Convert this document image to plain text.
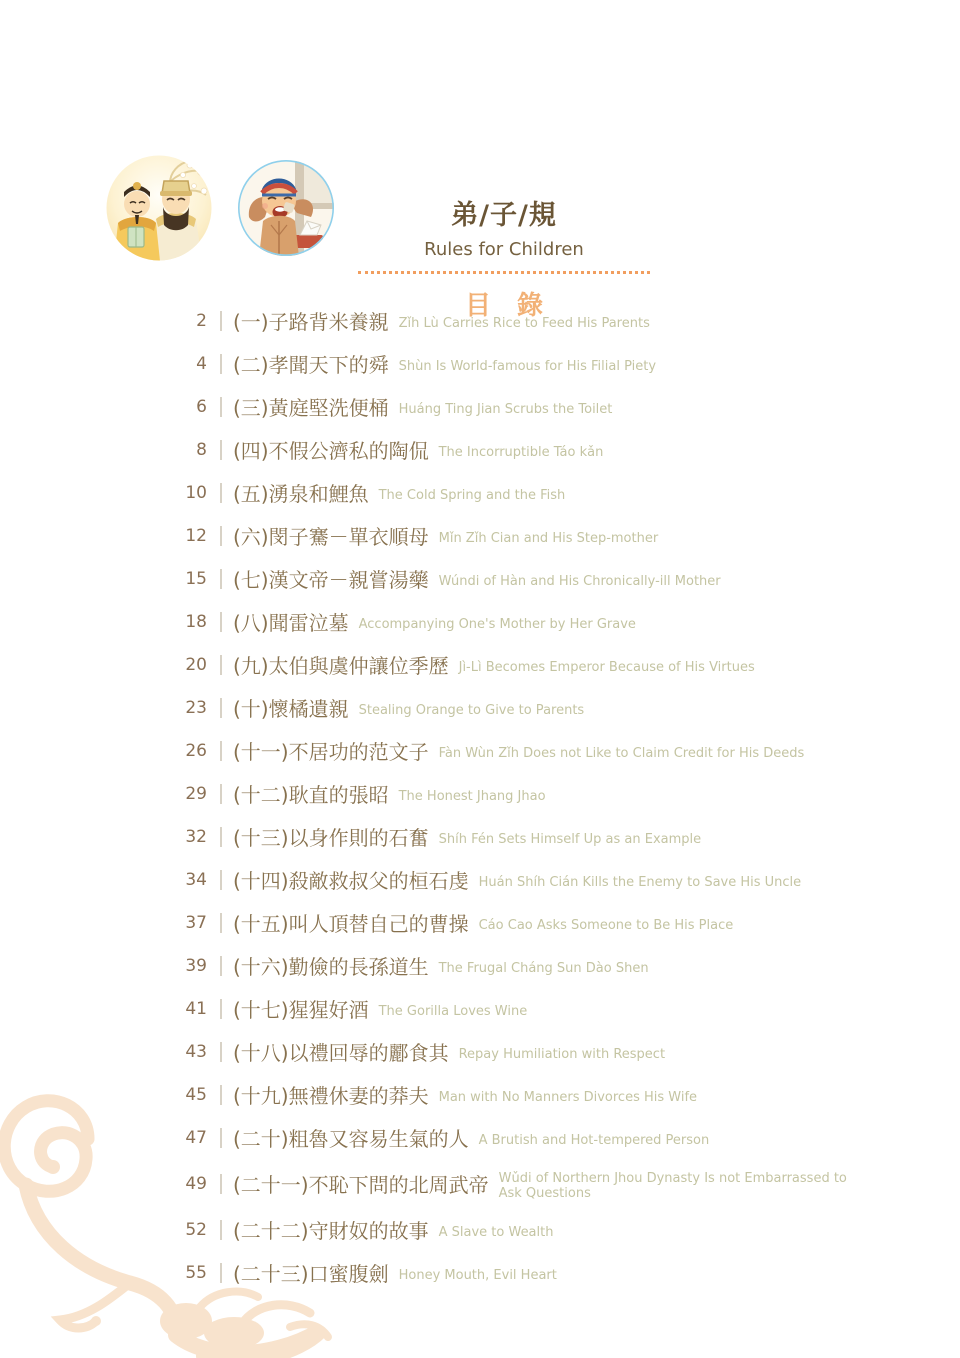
弟/子/規
Rules for Children
目　錄
2 (一)子路背米養親 Zǐh Lù Carries Rice to Feed His Parents
4 (二)孝聞天下的舜 Shùn Is World-famous for His Filial Piety
6 (三)黃庭堅洗便桶 Huáng Ting Jian Scrubs the Toilet
8 (四)不假公濟私的陶侃 The Incorruptible Táo kǎn
10 (五)湧泉和鯉魚 The Cold Spring and the Fish
12 (六)閔子騫－單衣順母 Mǐn Zǐh Cian and His Step-mother
15 (七)漢文帝－親嘗湯藥 Wúndi of Hàn and His Chronically-ill Mother
18 (八)聞雷泣墓 Accompanying One's Mother by Her Grave
20 (九)太伯與虞仲讓位季歷 Jì-Lì Becomes Emperor Because of His Virtues
23 (十)懷橘遺親 Stealing Orange to Give to Parents
26 (十一)不居功的范文子 Fàn Wùn Zǐh Does not Like to Claim Credit for His Deeds
29 (十二)耿直的張昭 The Honest Jhang Jhao
32 (十三)以身作則的石奮 Shíh Fén Sets Himself Up as an Example
34 (十四)殺敵救叔父的桓石虔 Huán Shíh Cián Kills the Enemy to Save His Uncle
37 (十五)叫人頂替自己的曹操 Cáo Cao Asks Someone to Be His Place
39 (十六)勤儉的長孫道生 The Frugal Cháng Sun Dào Shen
41 (十七)猩猩好酒 The Gorilla Loves Wine
43 (十八)以禮回辱的酈食其 Repay Humiliation with Respect
45 (十九)無禮休妻的莽夫 Man with No Manners Divorces His Wife
47 (二十)粗魯又容易生氣的人 A Brutish and Hot-tempered Person
49 (二十一)不恥下問的北周武帝 Wǔdi of Northern Jhou Dynasty Is not Embarrassed to Ask Questions
52 (二十二)守財奴的故事 A Slave to Wealth
55 (二十三)口蜜腹劍 Honey Mouth, Evil Heart
